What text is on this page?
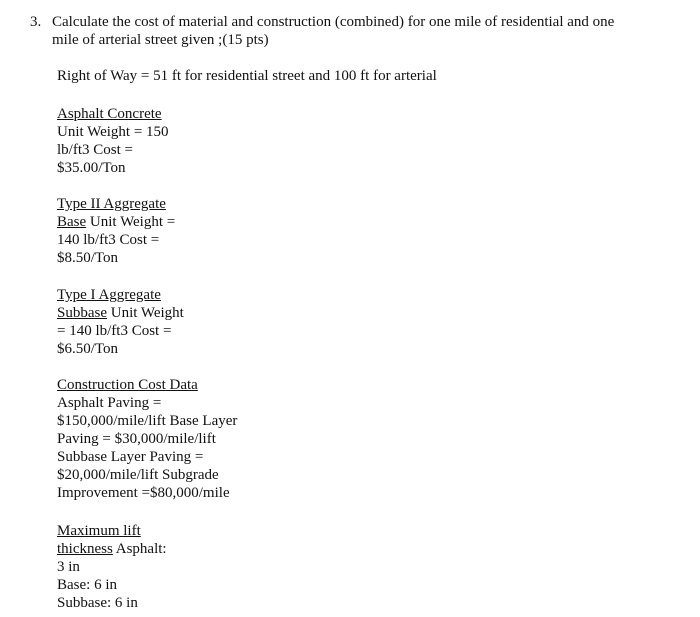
3. Calculate the cost of material and construction (combined) for one mile of residential and one
mile of arterial street given ;(15 pts)
Right of Way = 51 ft for residential street and 100 ft for arterial
Asphalt Concrete
Unit Weight = 150
lb/ft3 Cost =
$35.00/Ton
Type II Aggregate
Base Unit Weight =
140 lb/ft3 Cost =
$8.50/Ton
Type I Aggregate
Subbase Unit Weight
= 140 lb/ft3 Cost =
$6.50/Ton
Construction Cost Data
Asphalt Paving =
$150,000/mile/lift Base Layer
Paving = $30,000/mile/lift
Subbase Layer Paving =
$20,000/mile/lift Subgrade
Improvement =$80,000/mile
Maximum lift
thickness Asphalt:
3 in
Base: 6 in
Subbase: 6 in
